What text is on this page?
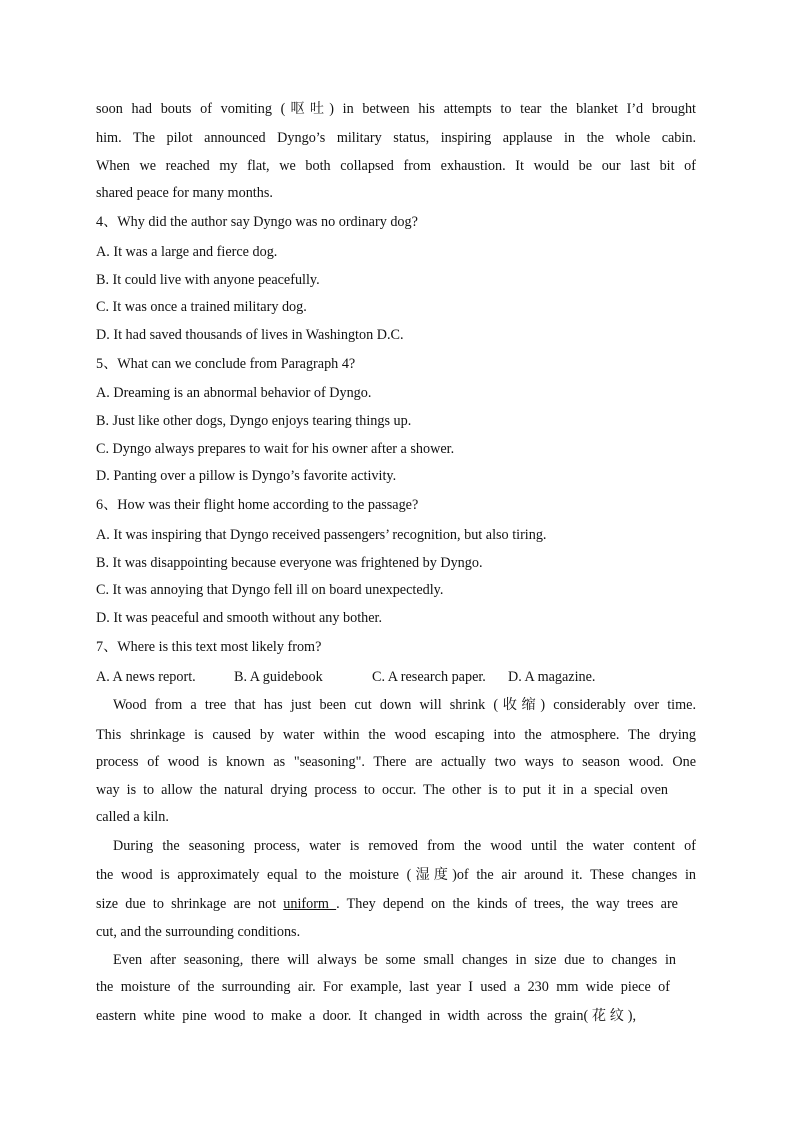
soon had bouts of vomiting (呕吐) in between his attempts to tear the blanket I’d brought
him. The pilot announced Dyngo’s military status, inspiring applause in the whole cabin.
When we reached my flat, we both collapsed from exhaustion. It would be our last bit of
shared peace for many months.
4、Why did the author say Dyngo was no ordinary dog?
A. It was a large and fierce dog.
B. It could live with anyone peacefully.
C. It was once a trained military dog.
D. It had saved thousands of lives in Washington D.C.
5、What can we conclude from Paragraph 4?
A. Dreaming is an abnormal behavior of Dyngo.
B. Just like other dogs, Dyngo enjoys tearing things up.
C. Dyngo always prepares to wait for his owner after a shower.
D. Panting over a pillow is Dyngo’s favorite activity.
6、How was their flight home according to the passage?
A. It was inspiring that Dyngo received passengers’ recognition, but also tiring.
B. It was disappointing because everyone was frightened by Dyngo.
C. It was annoying that Dyngo fell ill on board unexpectedly.
D. It was peaceful and smooth without any bother.
7、Where is this text most likely from?
A. A news report.	B. A guidebook	C. A research paper. D. A magazine.
Wood from a tree that has just been cut down will shrink (收缩) considerably over time.
This shrinkage is caused by water within the wood escaping into the atmosphere. The drying
process of wood is known as "seasoning". There are actually two ways to season wood. One
way is to allow the natural drying process to occur. The other is to put it in a special oven
called a kiln.
During the seasoning process, water is removed from the wood until the water content of
the wood is approximately equal to the moisture (湿度)of the air around it. These changes in
size due to shrinkage are not uniform . They depend on the kinds of trees, the way trees are
cut, and the surrounding conditions.
Even after seasoning, there will always be some small changes in size due to changes in
the moisture of the surrounding air. For example, last year I used a 230 mm wide piece of
eastern white pine wood to make a door. It changed in width across the grain(花纹),
